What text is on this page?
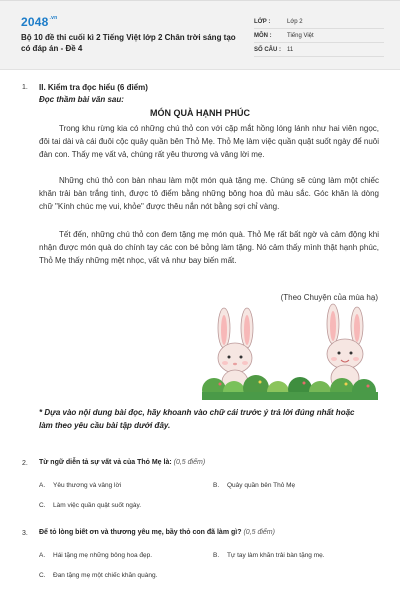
$2048^{.vn}$
Bộ 10 đề thi cuối kì 2 Tiếng Việt lớp 2 Chân trời sáng tạo có đáp án - Đề 4
LỚP :	Lớp 2
MÔN :	Tiếng Việt
SỐ CÂU :	11
1. II. Kiểm tra đọc hiểu (6 điểm)
Đọc thầm bài văn sau:
MÓN QUÀ HẠNH PHÚC
Trong khu rừng kia có những chú thỏ con với cặp mắt hồng lóng lánh như hai viên ngọc, đôi tai dài và cái đuôi cộc quây quần bên Thỏ Mẹ. Thỏ Mẹ làm việc quần quật suốt ngày để nuôi đàn con. Thấy mẹ vất vả, chúng rất yêu thương và vâng lời mẹ.
Những chú thỏ con bàn nhau làm một món quà tặng mẹ. Chúng sẽ cùng làm một chiếc khăn trải bàn trắng tinh, được tô điểm bằng những bông hoa đủ màu sắc. Góc khăn là dòng chữ "Kính chúc mẹ vui, khỏe" được thêu nắn nót bằng sợi chỉ vàng.
Tết đến, những chú thỏ con đem tặng mẹ món quà. Thỏ Mẹ rất bất ngờ và cảm động khi nhận được món quà do chính tay các con bé bỏng làm tặng. Nó cảm thấy mình thật hạnh phúc, Thỏ Mẹ thấy những mệt nhọc, vất vả như bay biến mất.
(Theo Chuyện của mùa hạ)
* Dựa vào nội dung bài đọc, hãy khoanh vào chữ cái trước ý trả lời đúng nhất hoặc làm theo yêu cầu bài tập dưới đây.
2. Từ ngữ diễn tả sự vất vả của Thỏ Mẹ là: (0,5 điểm)
A. Yêu thương và vâng lời	B. Quây quần bên Thỏ Mẹ
C. Làm việc quần quật suốt ngày.
3. Để tỏ lòng biết ơn và thương yêu mẹ, bầy thỏ con đã làm gì? (0,5 điểm)
A. Hái tặng mẹ những bông hoa đẹp.	B. Tự tay làm khăn trải bàn tặng mẹ.
C. Đan tặng mẹ một chiếc khăn quàng.
